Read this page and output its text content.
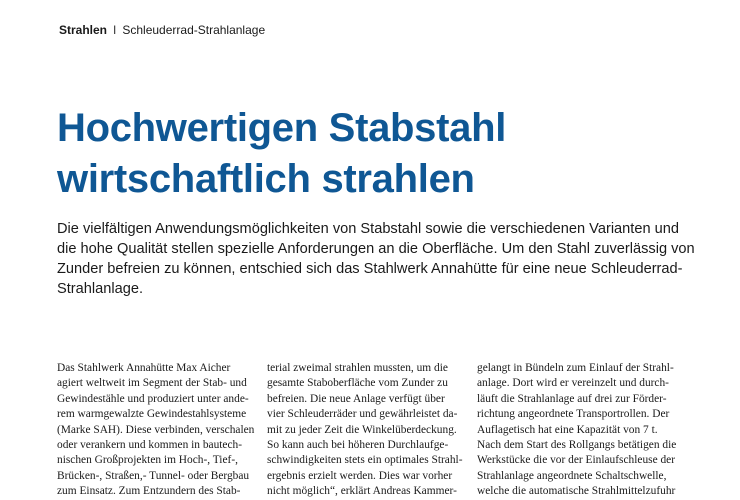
Strahlen I Schleuderrad-Strahlanlage
Hochwertigen Stabstahl
wirtschaftlich strahlen
Die vielfältigen Anwendungsmöglichkeiten von Stabstahl sowie die verschiedenen Varianten und
die hohe Qualität stellen spezielle Anforderungen an die Oberfläche. Um den Stahl zuverlässig von
Zunder befreien zu können, entschied sich das Stahlwerk Annahütte für eine neue Schleuderrad-
Strahlanlage.
Das Stahlwerk Annahütte Max Aicher
agiert weltweit im Segment der Stab- und
Gewindestähle und produziert unter ande-
rem warmgewalzte Gewindestahlsysteme
(Marke SAH). Diese verbinden, verschalen
oder verankern und kommen in bautech-
nischen Großprojekten im Hoch-, Tief-,
Brücken-, Straßen,- Tunnel- oder Bergbau
zum Einsatz. Zum Entzundern des Stab-
terial zweimal strahlen mussten, um die
gesamte Staboberfläche vom Zunder zu
befreien. Die neue Anlage verfügt über
vier Schleuderräder und gewährleistet da-
mit zu jeder Zeit die Winkelüberdeckung.
So kann auch bei höheren Durchlaufge-
schwindigkeiten stets ein optimales Strahl-
ergebnis erzielt werden. Dies war vorher
nicht möglich“, erklärt Andreas Kammer-
gelangt in Bündeln zum Einlauf der Strahl-
anlage. Dort wird er vereinzelt und durch-
läuft die Strahlanlage auf drei zur Förder-
richtung angeordnete Transportrollen. Der
Auflagetisch hat eine Kapazität von 7 t.
Nach dem Start des Rollgangs betätigen die
Werkstücke die vor der Einlaufschleuse der
Strahlanlage angeordnete Schaltschwelle,
welche die automatische Strahlmittelzufuhr
